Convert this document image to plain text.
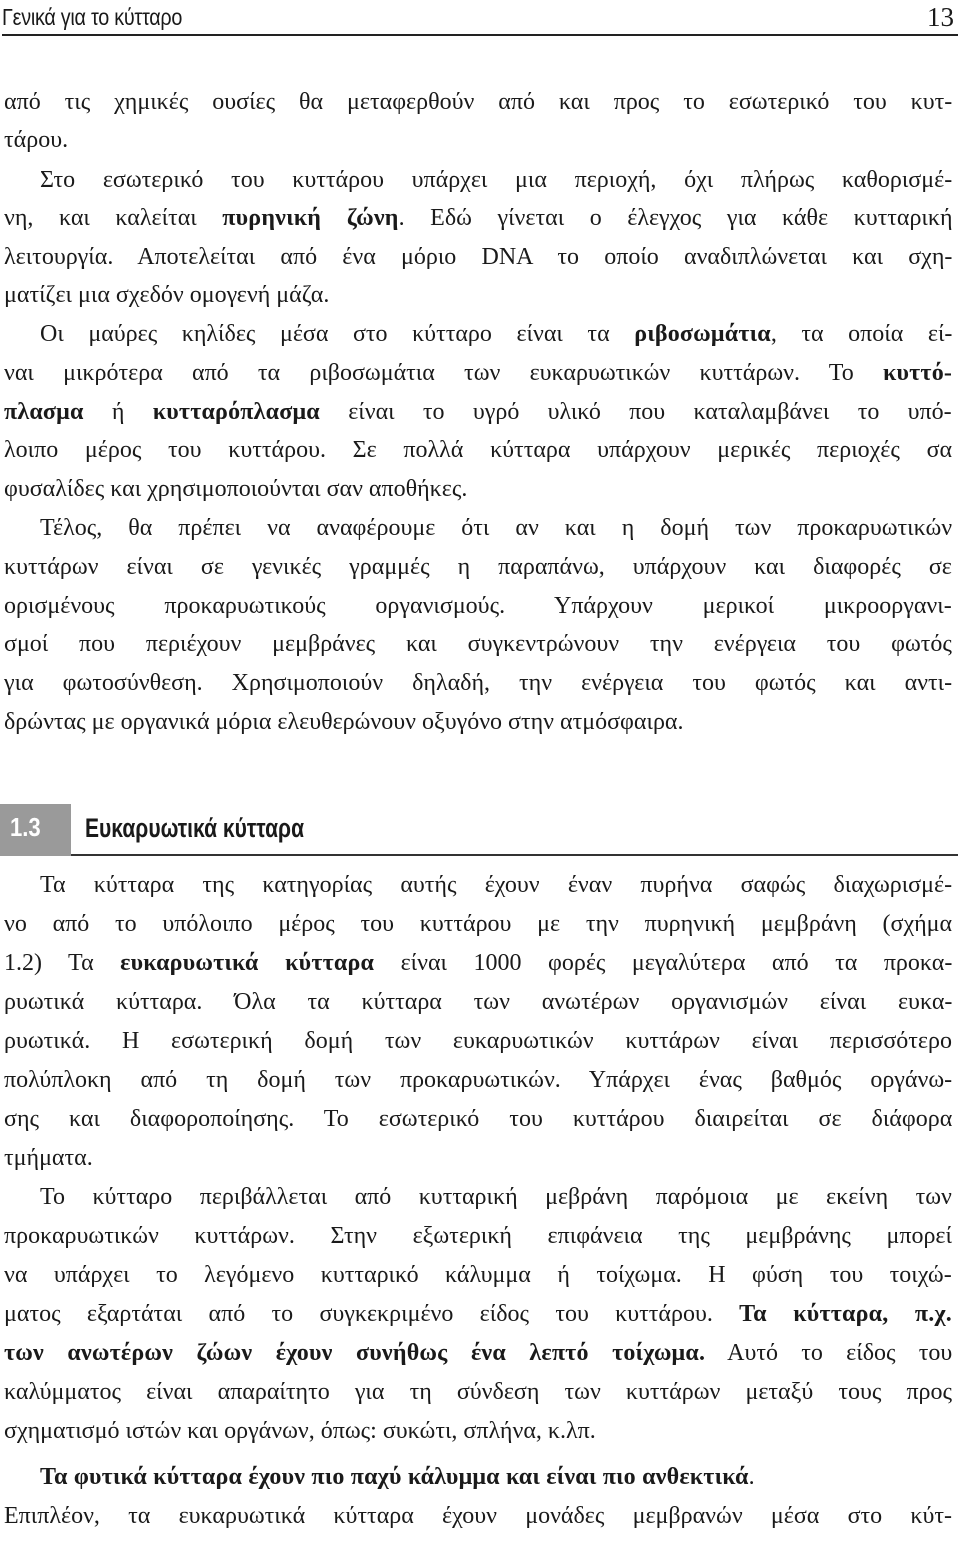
Γενικά για το κύτταρο	13
από τις χημικές ουσίες θα μεταφερθούν από και προς το εσωτερικό του κυτ-
τάρου.
Στο εσωτερικό του κυττάρου υπάρχει μια περιοχή, όχι πλήρως καθορισμέ-
νη, και καλείται πυρηνική ζώνη. Εδώ γίνεται ο έλεγχος για κάθε κυτταρική
λειτουργία. Αποτελείται από ένα μόριο DNA το οποίο αναδιπλώνεται και σχη-
ματίζει μια σχεδόν ομογενή μάζα.
Οι μαύρες κηλίδες μέσα στο κύτταρο είναι τα ριβοσωμάτια, τα οποία εί-
ναι μικρότερα από τα ριβοσωμάτια των ευκαρυωτικών κυττάρων. Το κυττό-
πλασμα ή κυτταρόπλασμα είναι το υγρό υλικό που καταλαμβάνει το υπό-
λοιπο μέρος του κυττάρου. Σε πολλά κύτταρα υπάρχουν μερικές περιοχές σα
φυσαλίδες και χρησιμοποιούνται σαν αποθήκες.
Τέλος, θα πρέπει να αναφέρουμε ότι αν και η δομή των προκαρυωτικών
κυττάρων είναι σε γενικές γραμμές η παραπάνω, υπάρχουν και διαφορές σε
ορισμένους προκαρυωτικούς οργανισμούς. Υπάρχουν μερικοί μικροοργανι-
σμοί που περιέχουν μεμβράνες και συγκεντρώνουν την ενέργεια του φωτός
για φωτοσύνθεση. Χρησιμοποιούν δηλαδή, την ενέργεια του φωτός και αντι-
δρώντας με οργανικά μόρια ελευθερώνουν οξυγόνο στην ατμόσφαιρα.
1.3 Ευκαρυωτικά κύτταρα
Τα κύτταρα της κατηγορίας αυτής έχουν έναν πυρήνα σαφώς διαχωρισμέ-
νο από το υπόλοιπο μέρος του κυττάρου με την πυρηνική μεμβράνη (σχήμα
1.2) Τα ευκαρυωτικά κύτταρα είναι 1000 φορές μεγαλύτερα από τα προκα-
ρυωτικά κύτταρα. Όλα τα κύτταρα των ανωτέρων οργανισμών είναι ευκα-
ρυωτικά. Η εσωτερική δομή των ευκαρυωτικών κυττάρων είναι περισσότερο
πολύπλοκη από τη δομή των προκαρυωτικών. Υπάρχει ένας βαθμός οργάνω-
σης και διαφοροποίησης. Το εσωτερικό του κυττάρου διαιρείται σε διάφορα
τμήματα.
Το κύτταρο περιβάλλεται από κυτταρική μεβράνη παρόμοια με εκείνη των
προκαρυωτικών κυττάρων. Στην εξωτερική επιφάνεια της μεμβράνης μπορεί
να υπάρχει το λεγόμενο κυτταρικό κάλυμμα ή τοίχωμα. Η φύση του τοιχώ-
ματος εξαρτάται από το συγκεκριμένο είδος του κυττάρου. Τα κύτταρα, π.χ.
των ανωτέρων ζώων έχουν συνήθως ένα λεπτό τοίχωμα. Αυτό το είδος του
καλύμματος είναι απαραίτητο για τη σύνδεση των κυττάρων μεταξύ τους προς
σχηματισμό ιστών και οργάνων, όπως: συκώτι, σπλήνα, κ.λπ.
Τα φυτικά κύτταρα έχουν πιο παχύ κάλυμμα και είναι πιο ανθεκτικά.
Επιπλέον, τα ευκαρυωτικά κύτταρα έχουν μονάδες μεμβρανών μέσα στο κύτ-
